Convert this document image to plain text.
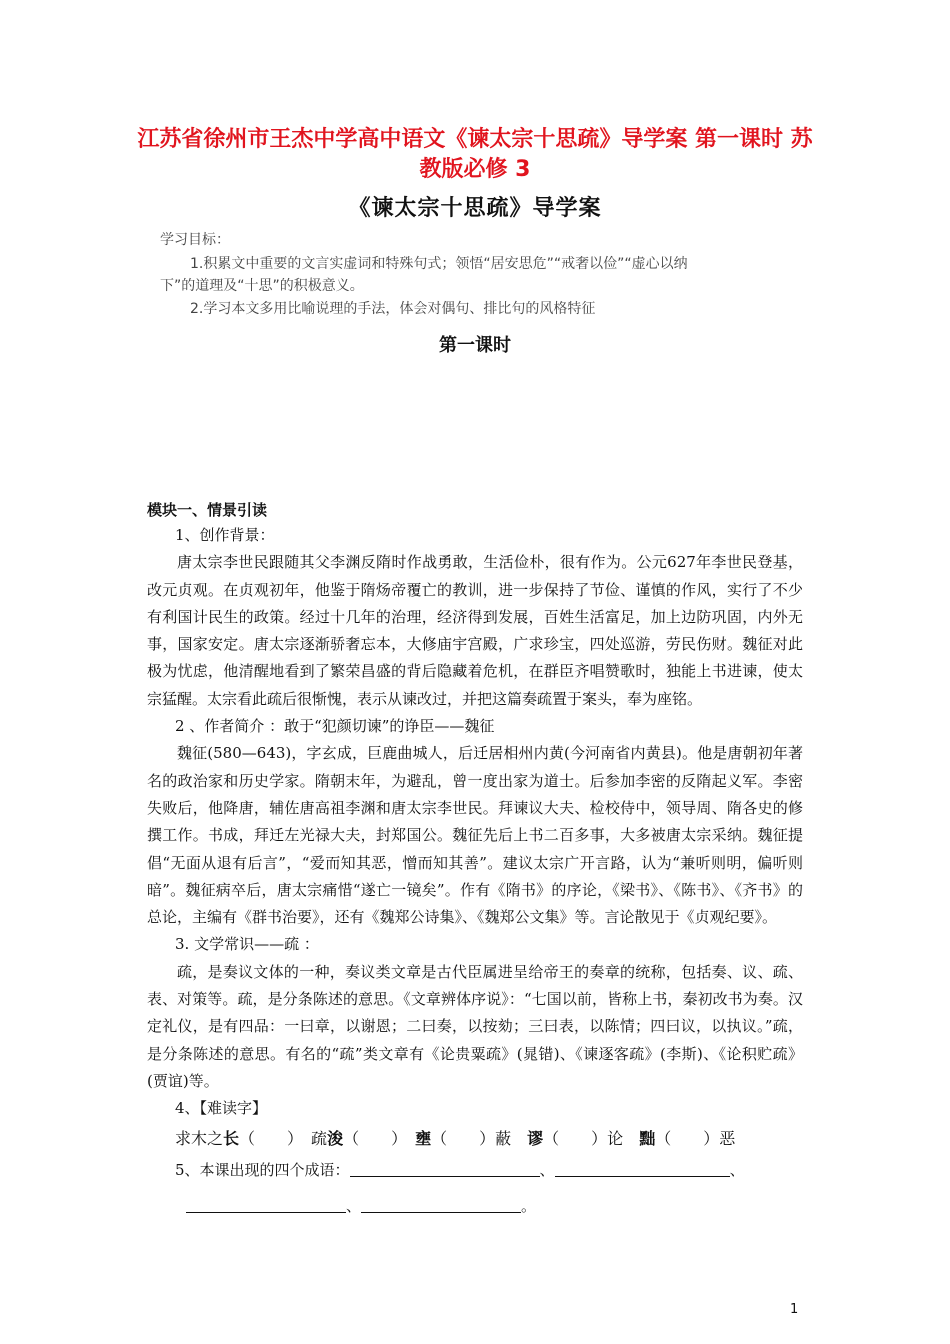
江苏省徐州市王杰中学高中语文《谏太宗十思疏》导学案 第一课时 苏
教版必修 3
《谏太宗十思疏》导学案
学习目标：
1.积累文中重要的文言实虚词和特殊句式；领悟“居安思危”“戒奢以俭”“虚心以纳
下”的道理及“十思”的积极意义。
2.学习本文多用比喻说理的手法，体会对偶句、排比句的风格特征
第一课时
模块一、情景引读

1、创作背景：

唐太宗李世民跟随其父李渊反隋时作战勇敢，生活俭朴，很有作为。公元627年李世民登基，改元贞观。在贞观初年，他鉴于隋炀帝覆亡的教训，进一步保持了节俭、谨慎的作风，实行了不少有利国计民生的政策。经过十几年的治理，经济得到发展，百姓生活富足，加上边防巩固，内外无事，国家安定。唐太宗逐渐骄奢忘本，大修庙宇宫殿，广求珍宝，四处巡游，劳民伤财。魏征对此极为忧虑，他清醒地看到了繁荣昌盛的背后隐藏着危机，在群臣齐唱赞歌时，独能上书进谏，使太宗猛醒。太宗看此疏后很惭愧，表示从谏改过，并把这篇奏疏置于案头，奉为座铭。

2 、作者简介 ：敢于“犯颜切谏”的诤臣——魏征

魏征(580—643)，字玄成，巨鹿曲城人，后迁居相州内黄(今河南省内黄县)。他是唐朝初年著名的政治家和历史学家。隋朝末年，为避乱，曾一度出家为道士。后参加李密的反隋起义军。李密失败后，他降唐，辅佐唐高祖李渊和唐太宗李世民。拜谏议大夫、检校侍中，领导周、隋各史的修撰工作。书成，拜迁左光禄大夫，封郑国公。魏征先后上书二百多事，大多被唐太宗采纳。魏征提倡“无面从退有后言”，“爱而知其恶，憎而知其善”。建议太宗广开言路，认为“兼听则明，偏听则暗”。魏征病卒后，唐太宗痛惜“遂亡一镜矣”。作有《隋书》的序论，《梁书》、《陈书》、《齐书》的总论，主编有《群书治要》，还有《魏郑公诗集》、《魏郑公文集》等。言论散见于《贞观纪要》。

3. 文学常识——疏 ：

疏，是奏议文体的一种，奏议类文章是古代臣属进呈给帝王的奏章的统称，包括奏、议、疏、表、对策等。疏，是分条陈述的意思。《文章辨体序说》：“七国以前，皆称上书，秦初改书为奏。汉定礼仪，是有四品：一曰章，以谢恩；二曰奏，以按劾；三曰表，以陈情；四曰议，以执议。”疏，是分条陈述的意思。有名的“疏”类文章有《论贵粟疏》(晁错)、《谏逐客疏》(李斯)、《论积贮疏》(贾谊)等。

4、【难读字】

求木之长（　　）　疏浚（　　）　 壅（　　）蔽　 谬（　　）论　 黜（　　）恶

5、本课出现的四个成语：	、	、
、	。
1
